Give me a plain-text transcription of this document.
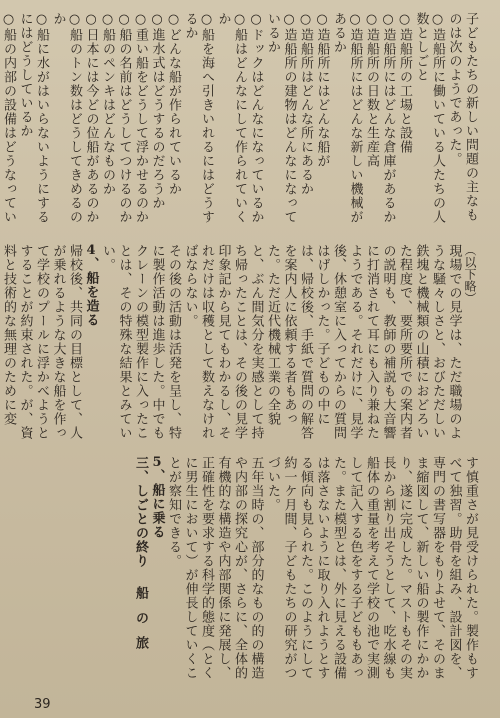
子どもたちの新しい問題の主なものは次のようであった。

○ 造船所に働いている人たちの人数としごと

○ 造船所の工場と設備

○ 造船所にはどんな倉庫があるか

○ 造船所の日数と生産高

○ 造船所にはどんな新しい機械があるか

○ 造船所にはどんな船が

○ 造船所はどんな所にあるか

○ 造船所の建物はどんなになっているか

○ ドックはどんなになっているか

○ 船はどんなにして作られていくか

○ 船を海へ引きいれるにはどうするか

○ どんな船が作られているか

○ 進水式はどうするのだろうか

○ 重い船をどうして浮かせるのか

○ 船の名前はどうしてつけるのか

○ 船のペンキはどんなものか

○ 日本には今どの位船があるのか

○ 船のトン数はどうしてきめるのか

○ 船に水がはいらないようにするにはどうしているか

○ 船の内部の設備はどうなってい

（以下略）

現場での見学は、ただ職場のような騒々しさと、おびただしい鉄塊と機械類の山積におどろいた程度で、要所要所での案内者の説明も、教師の補説も大音響に打消されて耳にも入り兼ねたようである。それだけに、見学後、休憩室に入ってからの質問はげしかった。子どもの中には、帰校後、手紙で質問の解答を案内人に依頼する者もあった。ただ近代機械工業の全貌と、ぶん間気分を実感として持ち帰ったことは、その後の見学印象記から見てもわかるし、それだけは収穫として数えなければならない。

その後の活動は活発を呈し、特に製作活動は進歩した。中でもクレーンの模型製作に入ったことは、その特殊な結果とみていい。

4、船を造る

帰校後、共同の目標として、人が乗れるような大きな船を作って学校のプールに浮かべようとすることが約束された。が、資料と技術的な無理のために変

す慎重さが見受けられた。製作もすべて独習。助骨を組み、設計図を、専門の書写器をもりよせて、そのまま縮図して、新しい船の製作にかかり、遂に完成した。マストもその実長から割り出そうとして、吃水線も船体の重量を考えて学校の池で実測して記入する色をする子どももあった。また模型とは、外に見える設備は落さないように取り入れようとする傾向も見られた。このようにして約一ケ月間、子どもたちの研究がつづいた。

五年当時の、部分的なもの的の構造や内部の探究心が、さらに、全体的有機的な構造や内部関係に発展し、正確性を要求する科学的態度（とくに男生において）が伸長していくことが察知できる。

5、船に乗る

三、しごとの終り船の旅

39
